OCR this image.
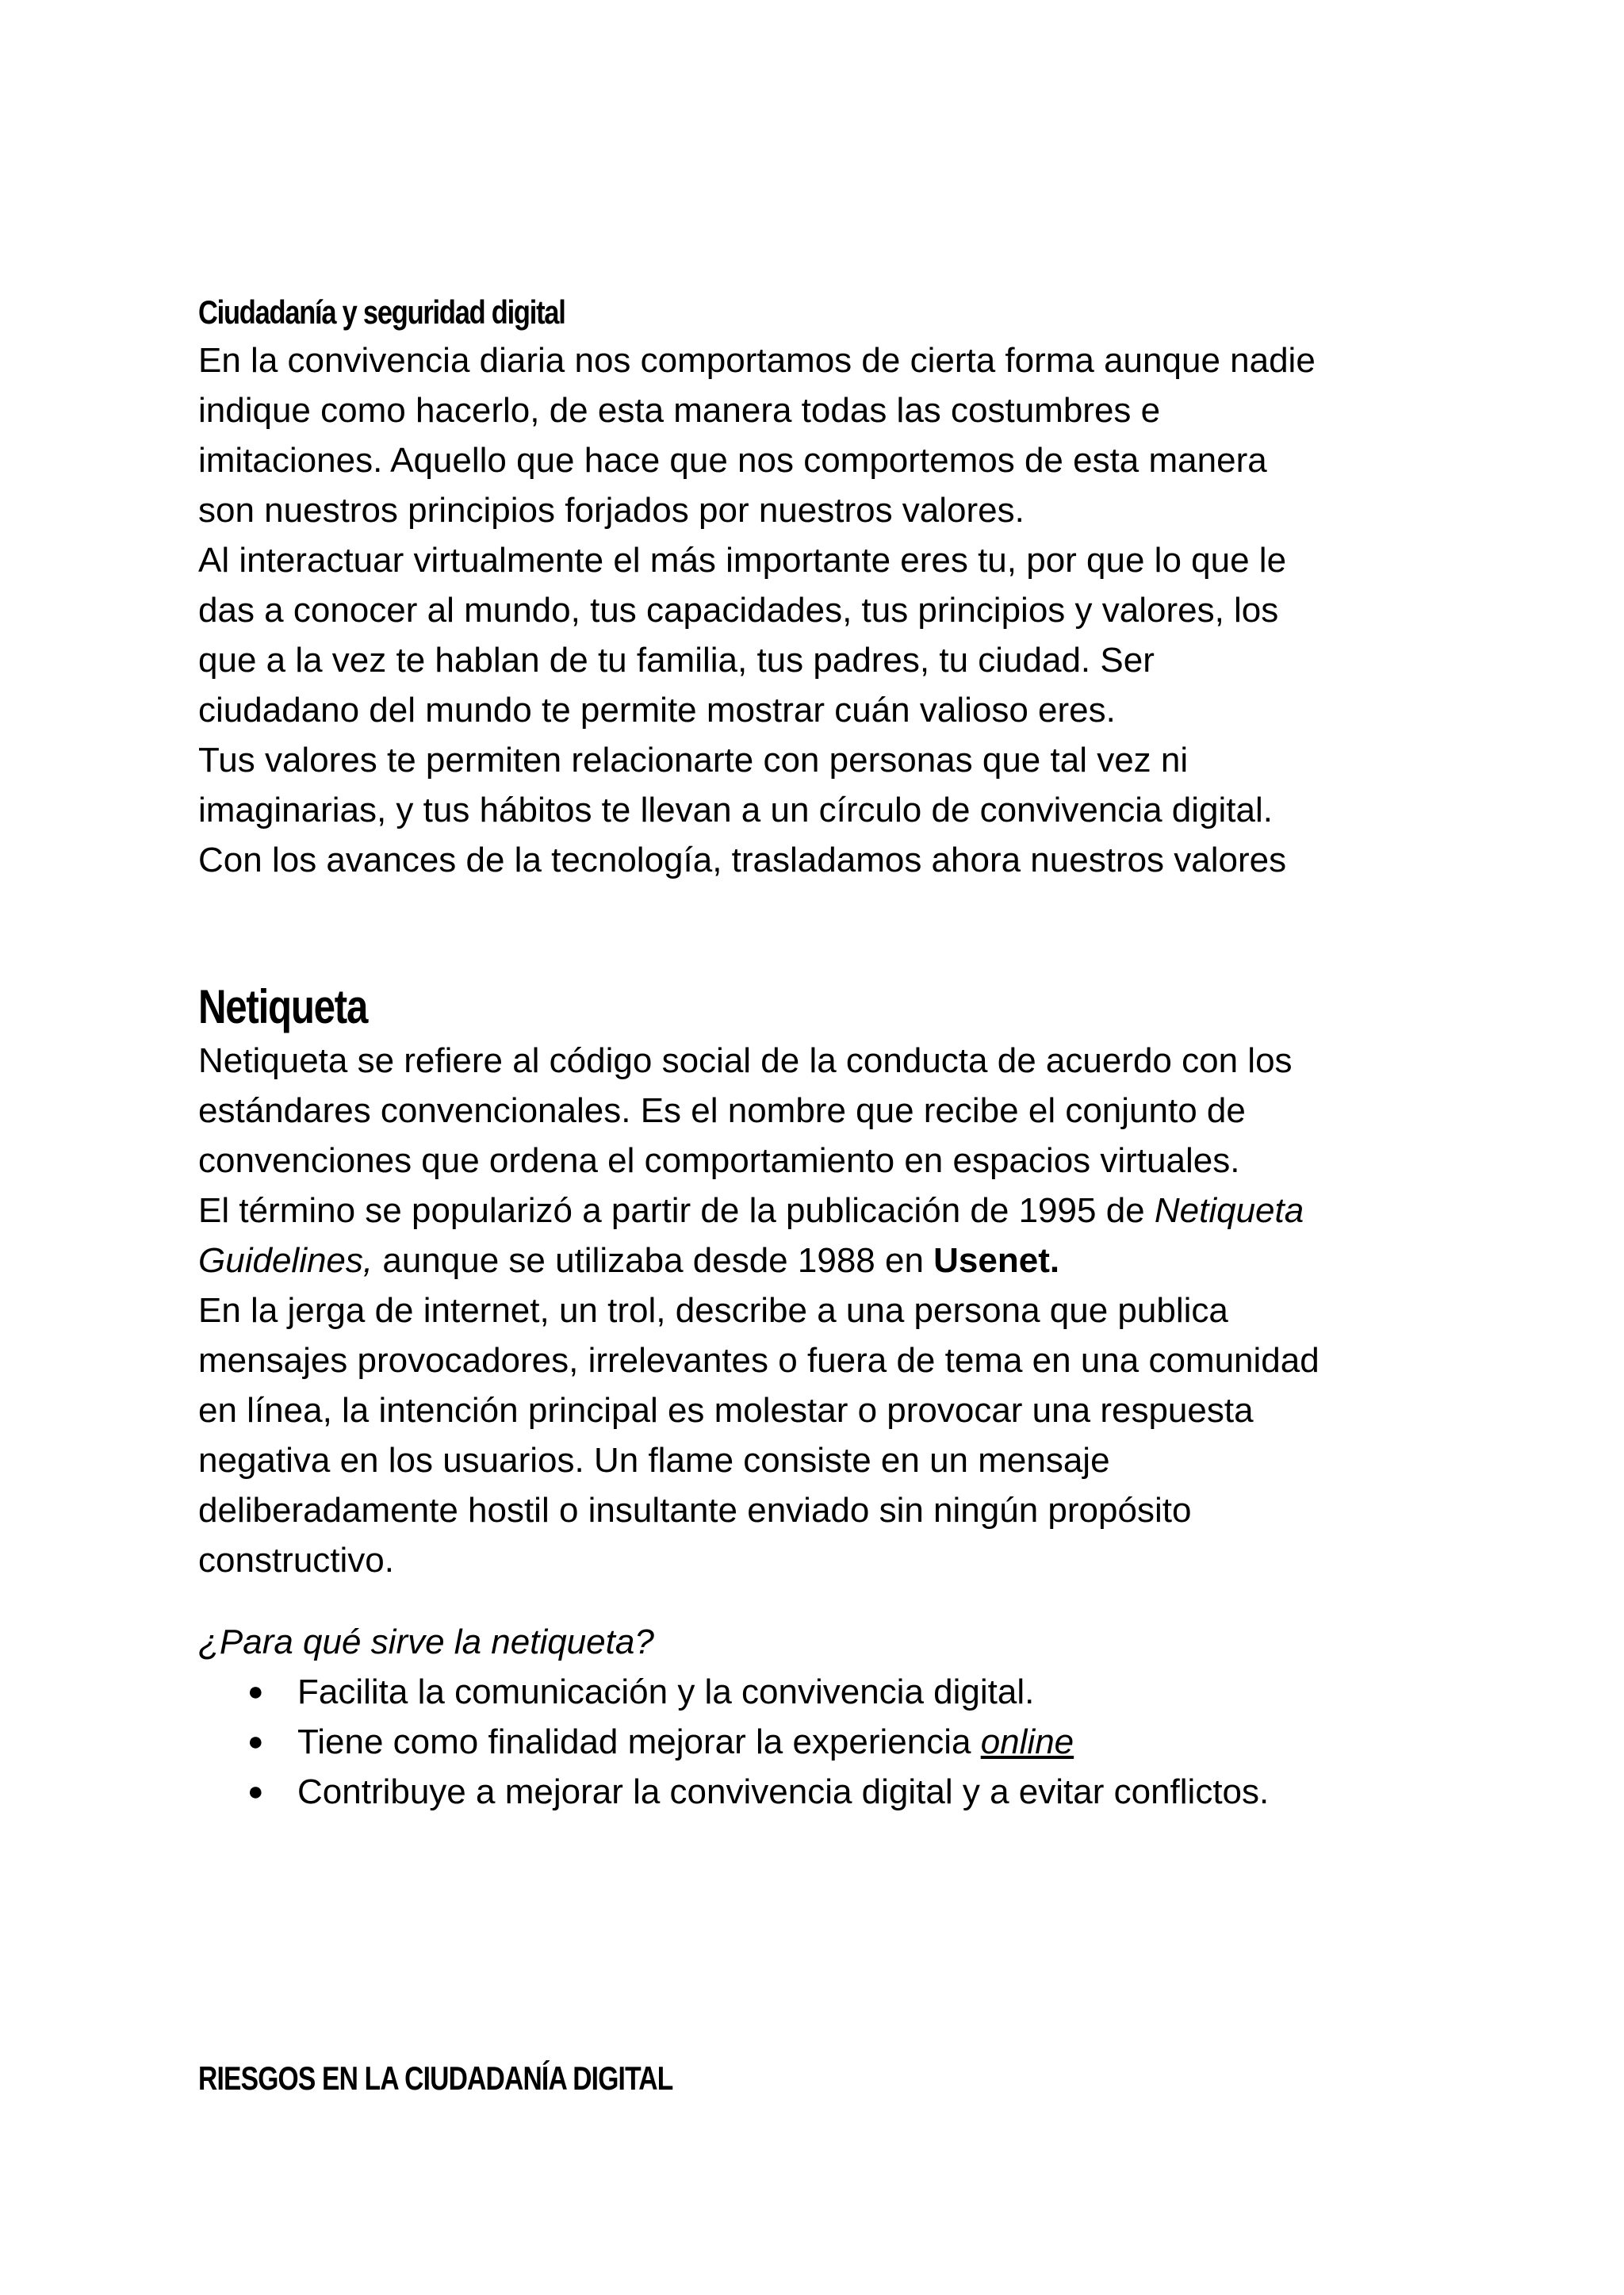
Ciudadanía y seguridad digital

En la convivencia diaria nos comportamos de cierta forma aunque nadie
indique como hacerlo, de esta manera todas las costumbres e
imitaciones. Aquello que hace que nos comportemos de esta manera
son nuestros principios forjados por nuestros valores.
Al interactuar virtualmente el más importante eres tu, por que lo que le
das a conocer al mundo, tus capacidades, tus principios y valores, los
que a la vez te hablan de tu familia, tus padres, tu ciudad. Ser
ciudadano del mundo te permite mostrar cuán valioso eres.
Tus valores te permiten relacionarte con personas que tal vez ni
imaginarias, y tus hábitos te llevan a un círculo de convivencia digital.
Con los avances de la tecnología, trasladamos ahora nuestros valores

Netiqueta

Netiqueta se refiere al código social de la conducta de acuerdo con los
estándares convencionales. Es el nombre que recibe el conjunto de
convenciones que ordena el comportamiento en espacios virtuales.
El término se popularizó a partir de la publicación de 1995 de Netiqueta
Guidelines, aunque se utilizaba desde 1988 en Usenet.
En la jerga de internet, un trol, describe a una persona que publica
mensajes provocadores, irrelevantes o fuera de tema en una comunidad
en línea, la intención principal es molestar o provocar una respuesta
negativa en los usuarios. Un flame consiste en un mensaje
deliberadamente hostil o insultante enviado sin ningún propósito
constructivo.

¿Para qué sirve la netiqueta?

● Facilita la comunicación y la convivencia digital.
● Tiene como finalidad mejorar la experiencia online
● Contribuye a mejorar la convivencia digital y a evitar conflictos.
RIESGOS EN LA CIUDADANÍA DIGITAL
